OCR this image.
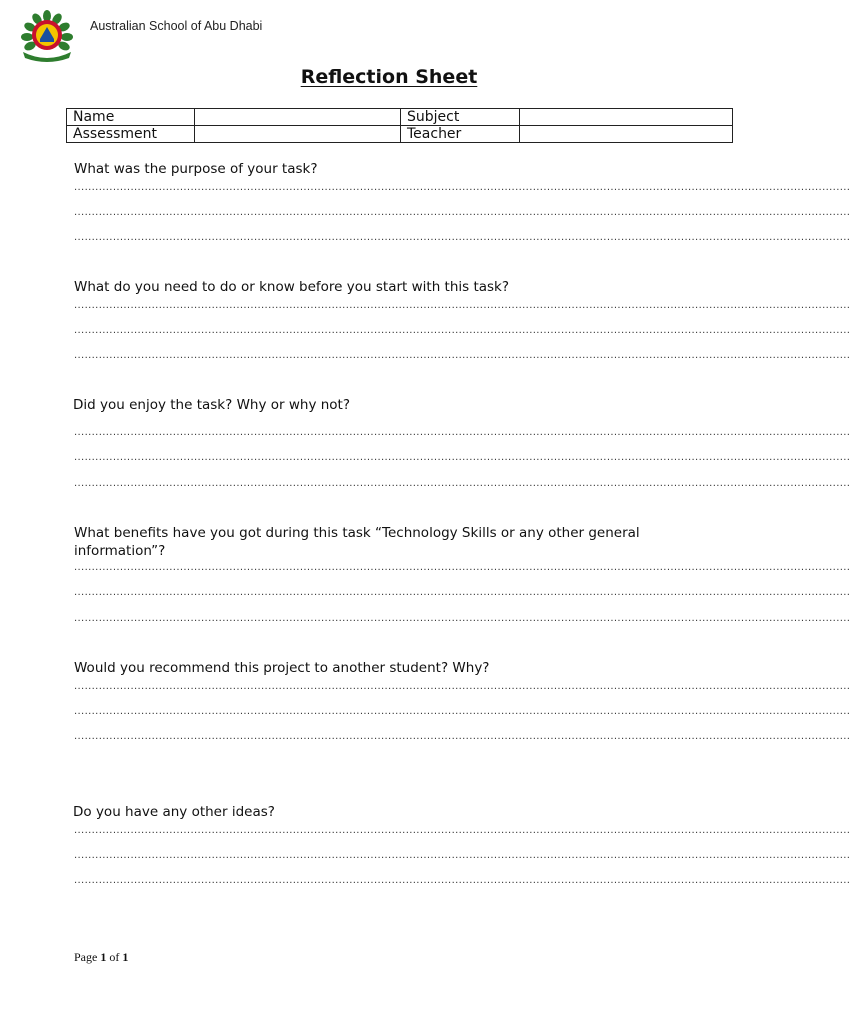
Australian School of Abu Dhabi
Reflection Sheet
Name		Subject	
Assessment		Teacher	
What was the purpose of your task?
............................................................................................................................................................................................................................
............................................................................................................................................................................................................................
............................................................................................................................................................................................................................
What do you need to do or know before you start with this task?
............................................................................................................................................................................................................................
............................................................................................................................................................................................................................
............................................................................................................................................................................................................................
Did you enjoy the task? Why or why not?
............................................................................................................................................................................................................................
............................................................................................................................................................................................................................
............................................................................................................................................................................................................................
What benefits have you got during this task “Technology Skills or any other general information”?
............................................................................................................................................................................................................................
............................................................................................................................................................................................................................
............................................................................................................................................................................................................................
Would you recommend this project to another student? Why?
............................................................................................................................................................................................................................
............................................................................................................................................................................................................................
............................................................................................................................................................................................................................
Do you have any other ideas?
............................................................................................................................................................................................................................
............................................................................................................................................................................................................................
............................................................................................................................................................................................................................
Page 1 of 1
